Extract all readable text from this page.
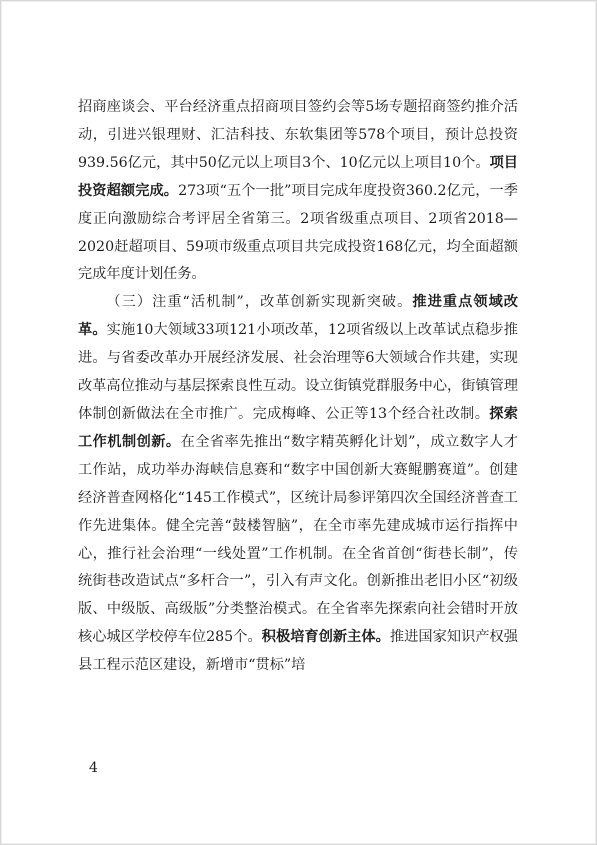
招商座谈会、平台经济重点招商项目签约会等5场专题招商签约推介活动，引进兴银理财、汇洁科技、东软集团等578个项目，预计总投资939.56亿元，其中50亿元以上项目3个、10亿元以上项目10个。项目投资超额完成。273项“五个一批”项目完成年度投资360.2亿元，一季度正向激励综合考评居全省第三。2项省级重点项目、2项省2018—2020赶超项目、59项市级重点项目共完成投资168亿元，均全面超额完成年度计划任务。

（三）注重“活机制”，改革创新实现新突破。推进重点领域改革。实施10大领域33项121小项改革，12项省级以上改革试点稳步推进。与省委改革办开展经济发展、社会治理等6大领域合作共建，实现改革高位推动与基层探索良性互动。设立街镇党群服务中心，街镇管理体制创新做法在全市推广。完成梅峰、公正等13个经合社改制。探索工作机制创新。在全省率先推出“数字精英孵化计划”，成立数字人才工作站，成功举办海峡信息赛和“数字中国创新大赛鲲鹏赛道”。创建经济普查网格化“145工作模式”，区统计局参评第四次全国经济普查工作先进集体。健全完善“鼓楼智脑”，在全市率先建成城市运行指挥中心，推行社会治理“一线处置”工作机制。在全省首创“街巷长制”，传统街巷改造试点“多杆合一”，引入有声文化。创新推出老旧小区“初级版、中级版、高级版”分类整治模式。在全省率先探索向社会错时开放核心城区学校停车位285个。积极培育创新主体。推进国家知识产权强县工程示范区建设，新增市“贯标”培

4
